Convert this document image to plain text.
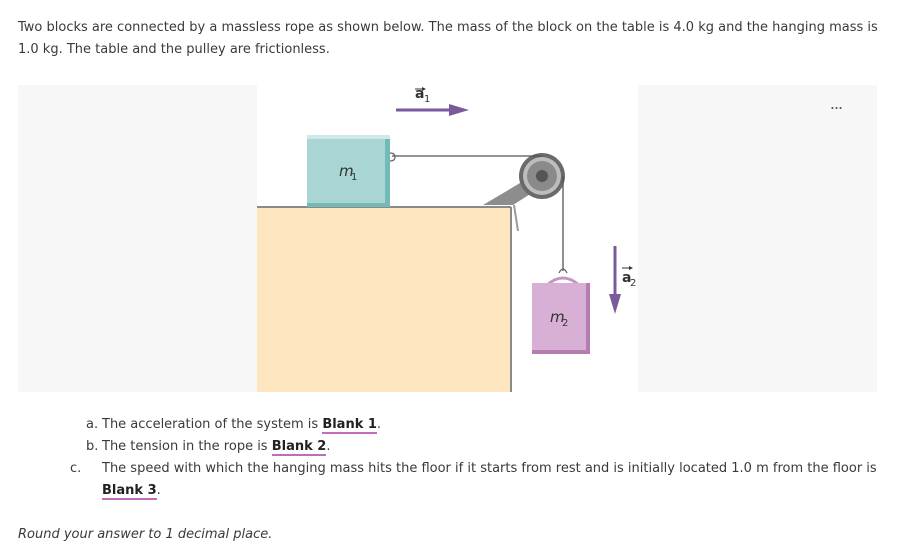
Two blocks are connected by a massless rope as shown below. The mass of the block on the table is 4.0 kg and the hanging mass is 1.0 kg. The table and the pulley are frictionless.
...
m
1
m
2
a 1
a
2
a. The acceleration of the system is Blank 1.
b. The tension in the rope is Blank 2.
c. The speed with which the hanging mass hits the floor if it starts from rest and is initially located 1.0 m from the floor is Blank 3.
Round your answer to 1 decimal place.
